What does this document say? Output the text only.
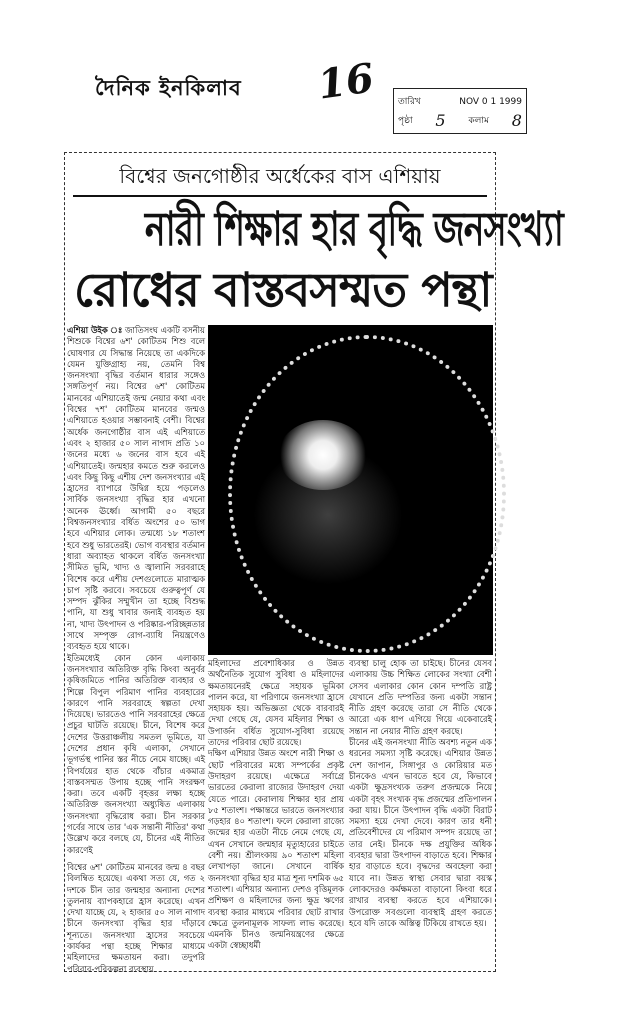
দৈনিক ইনকিলাব 16 তারিখ	NOV 0 1 1999
পৃষ্ঠা 5	কলাম 8
বিশ্বের জনগোষ্ঠীর অর্ধেকের বাস এশিয়ায়
নারী শিক্ষার হার বৃদ্ধি জনসংখ্যা
রোধের বাস্তবসম্মত পন্থা

এশিয়া উইক ঃ জাতিসংঘ একটি বসনীয় শিশুকে বিশ্বের ৬শ' কোটিতম শিশু বলে ঘোষণার যে সিদ্ধান্ত নিয়েছে তা একদিকে যেমন যুক্তিগ্রাহ্য নয়, তেমনি বিশ্ব জনসংখ্যা বৃদ্ধির বর্তমান ধারার সঙ্গেও সঙ্গতিপূর্ণ নয়। বিশ্বের ৬শ' কোটিতম মানবের এশিয়াতেই জন্ম নেয়ার কথা এবং বিশ্বের ৭শ' কোটিতম মানবের জন্মও এশিয়াতে হওয়ার সম্ভাবনাই বেশী। বিশ্বের অর্ধেক জনগোষ্ঠীর বাস এই এশিয়াতে এবং ২ হাজার ৫০ সাল নাগাদ প্রতি ১০ জনের মধ্যে ৬ জনের বাস হবে এই এশিয়াতেই। জন্মহার কমতে শুরু করলেও এবং কিছু কিছু এশীয় দেশ জনসংখ্যার এই হ্রাসের ব্যাপারে উদ্বিগ্ন হয়ে পড়লেও সার্বিক জনসংখ্যা বৃদ্ধির হার এখনো অনেক ঊর্ধ্বে। আগামী ৫০ বছরে বিশ্বজনসংখ্যার বর্ধিত অংশের ৫০ ভাগ হবে এশিয়ার লোক। তন্মধ্যে ১৮ শতাংশ হবে শুধু ভারতেরই। ভোগ ব্যবস্থার বর্তমান ধারা অব্যাহত থাকলে বর্ধিত জনসংখ্যা সীমিত ভূমি, খাদ্য ও জ্বালানি সরবরাহে বিশেষ করে এশীয় দেশগুলোতে মারাত্মক চাপ সৃষ্টি করবে। সবচেয়ে গুরুত্বপূর্ণ যে সম্পদ ঝুঁকির সম্মুখীন তা হচ্ছে বিশুদ্ধ পানি, যা শুধু খাবার জন্যই ব্যবহৃত হয় না, খাদ্য উৎপাদন ও পরিষ্কার-পরিচ্ছন্নতার সাথে সম্পৃক্ত রোগ-ব্যাধি নিয়ন্ত্রণেও ব্যবহৃত হয়ে থাকে।

ইতিমধ্যেই কোন কোন এলাকায় জনসংখ্যার অতিরিক্ত বৃদ্ধি কিংবা অনুর্বর কৃষিজমিতে পানির অতিরিক্ত ব্যবহার ও শিল্পে বিপুল পরিমাণ পানির ব্যবহারের কারণে পানি সরবরাহে স্বল্পতা দেখা দিয়েছে। ভারতেও পানি সরবরাহের ক্ষেত্রে প্রচুর ঘাটতি রয়েছে। চীনে, বিশেষ করে দেশের উত্তরাঞ্চলীয় সমতল ভূমিতে, যা দেশের প্রধান কৃষি এলাকা, সেখানে ভূগর্ভস্থ পানির স্তর নীচে নেমে যাচ্ছে। এই বিপর্যয়ের হাত থেকে বাঁচার একমাত্র বাস্তবসম্মত উপায় হচ্ছে পানি সংরক্ষণ করা। তবে একটি বৃহত্তর লক্ষ্য হচ্ছে অতিরিক্ত জনসংখ্যা অধ্যুষিত এলাকায় জনসংখ্যা বৃদ্ধিরোধ করা। চীন সরকার গর্বের সাথে তার 'এক সন্তানী নীতির' কথা উল্লেখ করে বলছে যে, চীনের এই নীতির কারণেই

বিশ্বের ৬শ' কোটিতম মানবের জন্ম ৪ বছর বিলম্বিত হয়েছে। একথা সত্য যে, গত ২ দশকে চীন তার জন্মহার অন্যান্য দেশের তুলনায় ব্যাপকহারে হ্রাস করেছে। এখন দেখা যাচ্ছে যে, ২ হাজার ৫০ সাল নাগাদ চীনে জনসংখ্যা বৃদ্ধির হার দাঁড়াবে শূন্যতে। জনসংখ্যা হ্রাসের সবচেয়ে কার্যকর পন্থা হচ্ছে শিক্ষার মাধ্যমে মহিলাদের ক্ষমতায়ন করা। তদুপরি পরিবার-পরিকল্পনা ব্যবস্থায়

মহিলাদের প্রবেশাধিকার ও উন্নত অর্থনৈতিক সুযোগ সুবিধা ও মহিলাদের ক্ষমতায়নেরই ক্ষেত্রে সহায়ক ভূমিকা পালন করে, যা পরিণামে জনসংখ্যা হ্রাসে সহায়ক হয়। অভিজ্ঞতা থেকে বারবারই দেখা গেছে যে, যেসব মহিলার শিক্ষা ও উপার্জন বর্ধিত সুযোগ-সুবিধা রয়েছে তাদের পরিবার ছোট রয়েছে।

দক্ষিণ এশিয়ার উন্নত অংশে নারী শিক্ষা ও ছোট পরিবারের মধ্যে সম্পর্কের প্রকৃষ্ট উদাহরণ রয়েছে। এক্ষেত্রে সর্বাগ্রে ভারতের কেরালা রাজ্যের উদাহরণ দেয়া যেতে পারে। কেরালায় শিক্ষার হার প্রায় ৮৫ শতাংশ। পক্ষান্তরে ভারতে জনসংখ্যার গড়হার ৪০ শতাংশ। ফলে কেরালা রাজ্যে জন্মের হার এতটা নীচে নেমে গেছে যে, এখন সেখানে জন্মহার মৃত্যুহারের চাইতে বেশী নয়। শ্রীলংকায় ৯০ শতাংশ মহিলা লেখাপড়া জানে। সেখানে বার্ষিক জনসংখ্যা বৃদ্ধির হার মাত্র শূন্য দশমিক ৬৫ শতাংশ। এশিয়ার অন্যান্য দেশও বৃত্তিমূলক প্রশিক্ষণ ও মহিলাদের জন্য ক্ষুদ্র ঋণের ব্যবস্থা করার মাধ্যমে পরিবার ছোট রাখার ক্ষেত্রে তুলনামূলক সাফল্য লাভ করেছে। এমনকি চীনও জন্মনিয়ন্ত্রণের ক্ষেত্রে একটা স্বেচ্ছাধর্মী

ব্যবস্থা চালু হোক তা চাইছে। চীনের যেসব এলাকায় উচ্চ শিক্ষিত লোকের সংখ্যা বেশী সেসব এলাকার কোন কোন দম্পতি রাষ্ট্র যেখানে প্রতি দম্পতির জন্য একটা সন্তান নীতি গ্রহণ করেছে তারা সে নীতি থেকে আরো এক ধাপ এগিয়ে গিয়ে একেবারেই সন্তান না নেয়ার নীতি গ্রহণ করছে।

চীনের এই জনসংখ্যা নীতি অবশ্য নতুন এক ধরনের সমস্যা সৃষ্টি করেছে। এশিয়ার উন্নত দেশ জাপান, সিঙ্গাপুর ও কোরিয়ার মত চীনকেও এখন ভাবতে হবে যে, কিভাবে একটা ক্ষুদ্রসংখ্যক তরুণ প্রজন্মকে নিয়ে একটা বৃহৎ সংখ্যক বৃদ্ধ প্রজন্মের প্রতিপালন করা যায়। চীনে উৎপাদন বৃদ্ধি একটা বিরাট সমস্যা হয়ে দেখা দেবে। কারণ তার ধনী প্রতিবেশীদের যে পরিমাণ সম্পদ রয়েছে তা তার নেই। চীনকে দক্ষ প্রযুক্তির অধিক ব্যবহার দ্বারা উৎপাদন বাড়াতে হবে। শিক্ষার হার বাড়াতে হবে। বৃদ্ধদের অবহেলা করা যাবে না। উন্নত স্বাস্থ্য সেবার দ্বারা বয়স্ক লোকদেরও কর্মক্ষমতা বাড়ানো কিংবা ধরে রাখার ব্যবস্থা করতে হবে এশিয়াকে। উপরোক্ত সবগুলো ব্যবস্থাই গ্রহণ করতে হবে যদি তাকে অস্তিত্ব টিকিয়ে রাখতে হয়।
